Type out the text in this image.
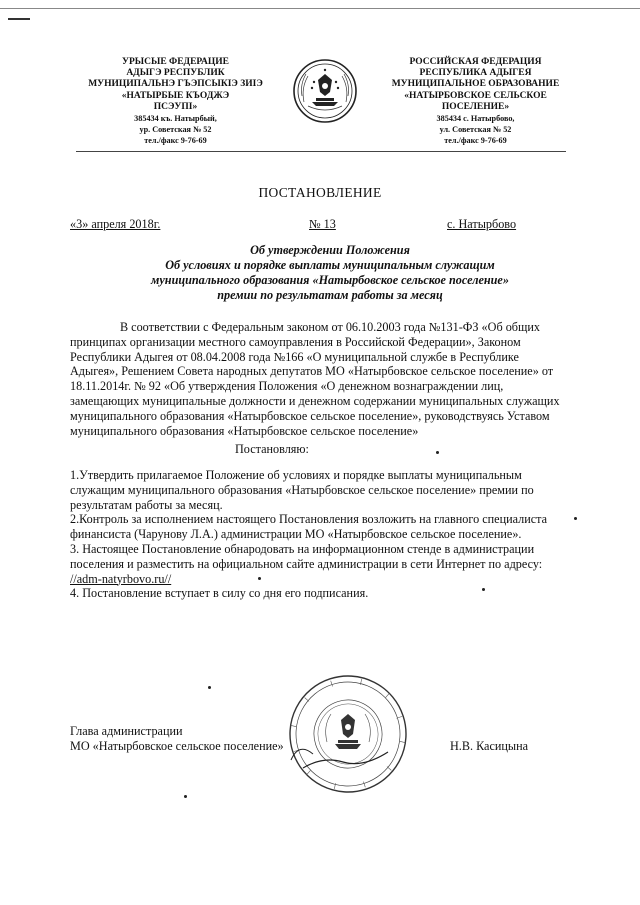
УРЫСЫЕ ФЕДЕРАЦИЕ
АДЫГЭ РЕСПУБЛИК
МУНИЦИПАЛЬНЭ ГЪЭПСЫКIЭ ЗИIЭ
«НАТЫРБЫЕ КЪОДЖЭ
ПСЭУПI»
385434 къ. Натырбый,
ур. Советская № 52
тел./факс 9-76-69
РОССИЙСКАЯ ФЕДЕРАЦИЯ
РЕСПУБЛИКА АДЫГЕЯ
МУНИЦИПАЛЬНОЕ ОБРАЗОВАНИЕ
«НАТЫРБОВСКОЕ СЕЛЬСКОЕ
ПОСЕЛЕНИЕ»
385434 с. Натырбово,
ул. Советская № 52
тел./факс 9-76-69
ПОСТАНОВЛЕНИЕ
«3» апреля 2018г.	№ 13	с. Натырбово
Об утверждении Положения
Об условиях и порядке выплаты муниципальным служащим
муниципального образования «Натырбовское сельское поселение»
премии по результатам работы за месяц
В соответствии с Федеральным законом от 06.10.2003 года №131-ФЗ «Об общих принципах организации местного самоуправления в Российской Федерации», Законом Республики Адыгея от 08.04.2008 года №166 «О муниципальной службе в Республике Адыгея», Решением Совета народных депутатов МО «Натырбовское сельское поселение» от 18.11.2014г. № 92 «Об утверждения Положения «О денежном вознаграждении лиц, замещающих муниципальные должности и денежном содержании муниципальных служащих муниципального образования «Натырбовское сельское поселение», руководствуясь Уставом муниципального образования «Натырбовское сельское поселение»
Постановляю:

1.Утвердить прилагаемое Положение об условиях и порядке выплаты муниципальным служащим муниципального образования «Натырбовское сельское поселение» премии по результатам работы за месяц.

2.Контроль за исполнением настоящего Постановления возложить на главного специалиста финансиста (Чарунову Л.А.) администрации МО «Натырбовское сельское поселение».

3. Настоящее Постановление обнародовать на информационном стенде в администрации поселения и разместить на официальном сайте администрации в сети Интернет по адресу: //adm-natyrbovo.ru//

4. Постановление вступает в силу со дня его подписания.

Глава администрации
МО «Натырбовское сельское поселение»	Н.В. Касицына
